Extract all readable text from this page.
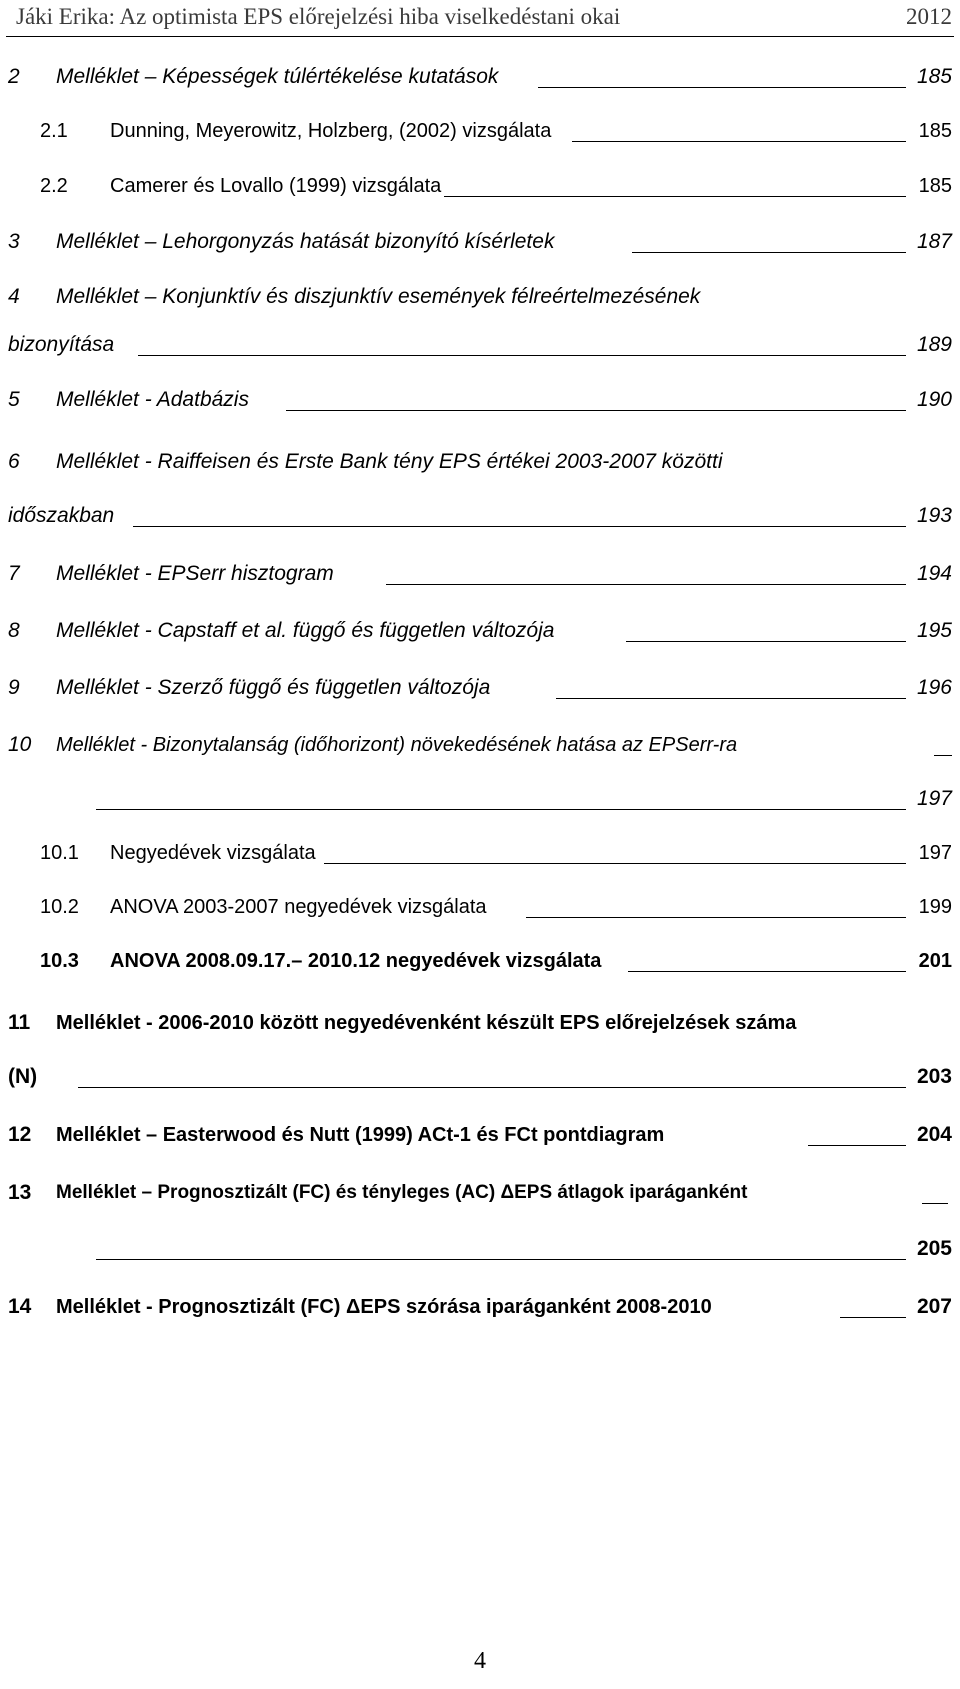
Jáki Erika: Az optimista EPS előrejelzési hiba viselkedéstani okai	2012
2 Melléklet – Képességek túlértékelése kutatások	185
2.1 Dunning, Meyerowitz, Holzberg, (2002) vizsgálata	185
2.2 Camerer és Lovallo (1999) vizsgálata	185
3 Melléklet – Lehorgonyzás hatását bizonyító kísérletek	187
4 Melléklet – Konjunktív és diszjunktív események félreértelmezésének
bizonyítása	189
5 Melléklet - Adatbázis	190
6 Melléklet - Raiffeisen és Erste Bank tény EPS értékei 2003-2007 közötti
időszakban	193
7 Melléklet - EPSerr hisztogram	194
8 Melléklet - Capstaff et al. függő és független változója	195
9 Melléklet - Szerző függő és független változója	196
10 Melléklet - Bizonytalanság (időhorizont) növekedésének hatása az EPSerr-ra
197
10.1 Negyedévek vizsgálata	197
10.2 ANOVA 2003-2007 negyedévek vizsgálata	199
10.3 ANOVA 2008.09.17.– 2010.12 negyedévek vizsgálata	201
11 Melléklet - 2006-2010 között negyedévenként készült EPS előrejelzések száma
(N)	203
12 Melléklet – Easterwood és Nutt (1999) ACt-1 és FCt pontdiagram	204
13 Melléklet – Prognosztizált (FC) és tényleges (AC) ΔEPS átlagok iparáganként
205
14 Melléklet - Prognosztizált (FC) ΔEPS szórása iparáganként 2008-2010	207
4
